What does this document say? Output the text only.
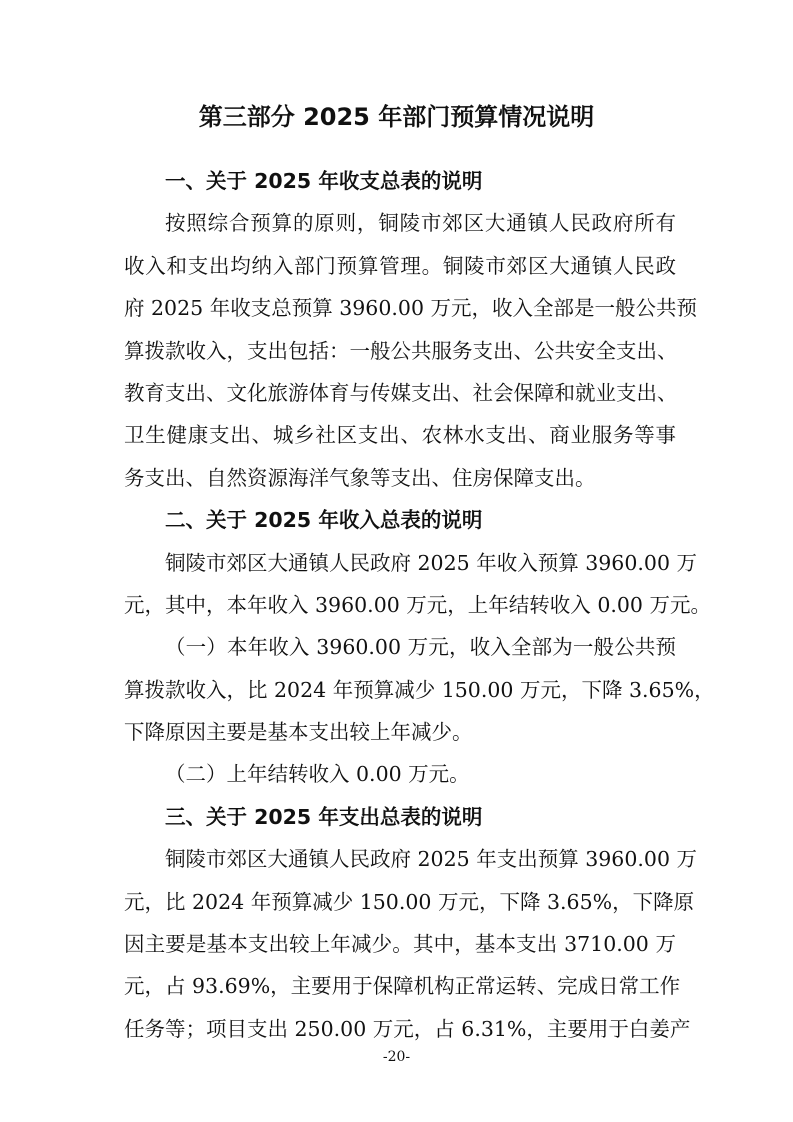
第三部分 2025 年部门预算情况说明
一、关于 2025 年收支总表的说明
按照综合预算的原则，铜陵市郊区大通镇人民政府所有
收入和支出均纳入部门预算管理。铜陵市郊区大通镇人民政
府 2025 年收支总预算 3960.00 万元，收入全部是一般公共预
算拨款收入，支出包括：一般公共服务支出、公共安全支出、
教育支出、文化旅游体育与传媒支出、社会保障和就业支出、
卫生健康支出、城乡社区支出、农林水支出、商业服务等事
务支出、自然资源海洋气象等支出、住房保障支出。
二、关于 2025 年收入总表的说明
铜陵市郊区大通镇人民政府 2025 年收入预算 3960.00 万
元，其中，本年收入 3960.00 万元，上年结转收入 0.00 万元。
（一）本年收入 3960.00 万元，收入全部为一般公共预
算拨款收入，比 2024 年预算减少 150.00 万元，下降 3.65%，
下降原因主要是基本支出较上年减少。
（二）上年结转收入 0.00 万元。
三、关于 2025 年支出总表的说明
铜陵市郊区大通镇人民政府 2025 年支出预算 3960.00 万
元，比 2024 年预算减少 150.00 万元，下降 3.65%，下降原
因主要是基本支出较上年减少。其中，基本支出 3710.00 万
元，占 93.69%，主要用于保障机构正常运转、完成日常工作
任务等；项目支出 250.00 万元，占 6.31%，主要用于白姜产
-20-
